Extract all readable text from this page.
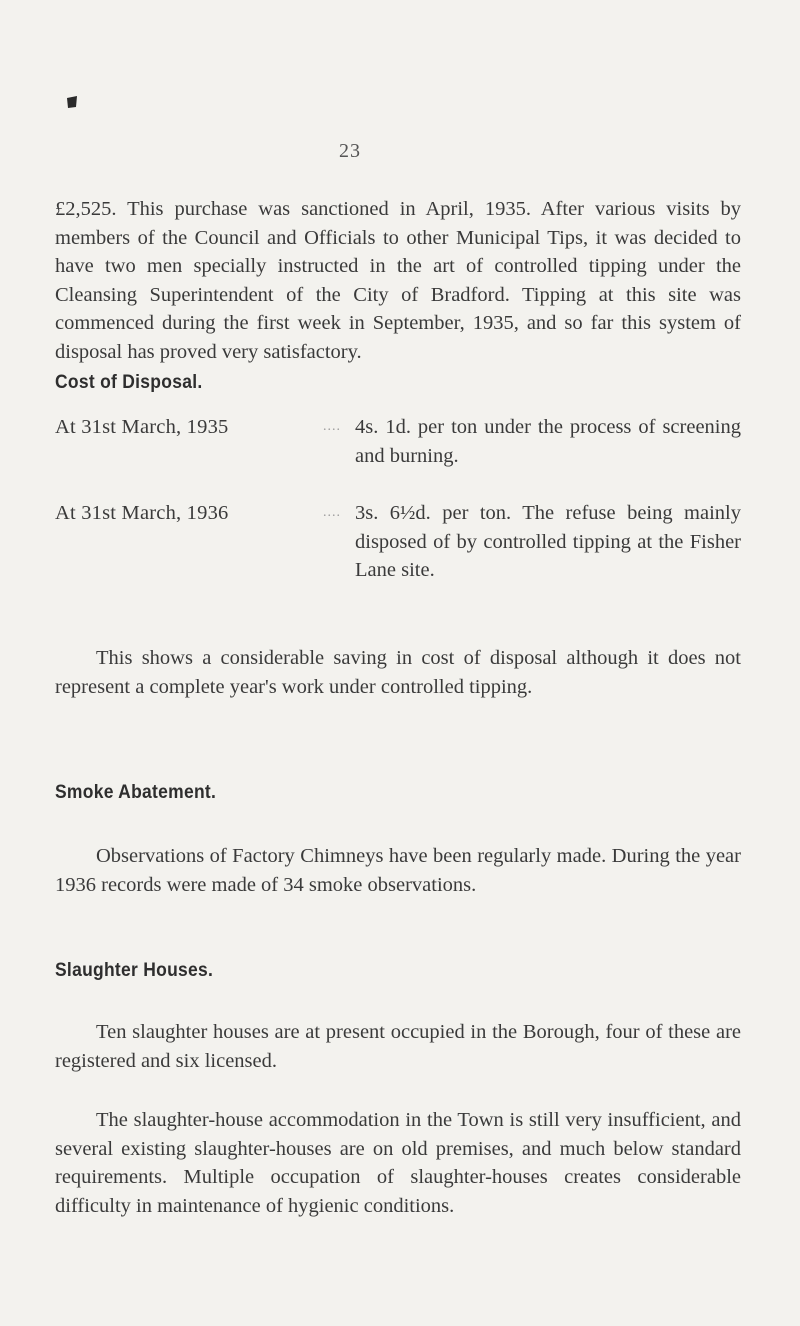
23

£2,525. This purchase was sanctioned in April, 1935. After various visits by members of the Council and Officials to other Municipal Tips, it was decided to have two men specially instructed in the art of controlled tipping under the Cleansing Superintendent of the City of Bradford. Tipping at this site was commenced during the first week in September, 1935, and so far this system of disposal has proved very satisfactory.

Cost of Disposal.
At 31st March, 1935	.... 4s. 1d. per ton under the process of screening and burning.
At 31st March, 1936	.... 3s. 6½d. per ton. The refuse being mainly disposed of by controlled tipping at the Fisher Lane site.

This shows a considerable saving in cost of disposal although it does not represent a complete year's work under controlled tipping.

Smoke Abatement.

Observations of Factory Chimneys have been regularly made. During the year 1936 records were made of 34 smoke observations.

Slaughter Houses.

Ten slaughter houses are at present occupied in the Borough, four of these are registered and six licensed.

The slaughter-house accommodation in the Town is still very insufficient, and several existing slaughter-houses are on old premises, and much below standard requirements. Multiple occupation of slaughter-houses creates considerable difficulty in maintenance of hygienic conditions.
